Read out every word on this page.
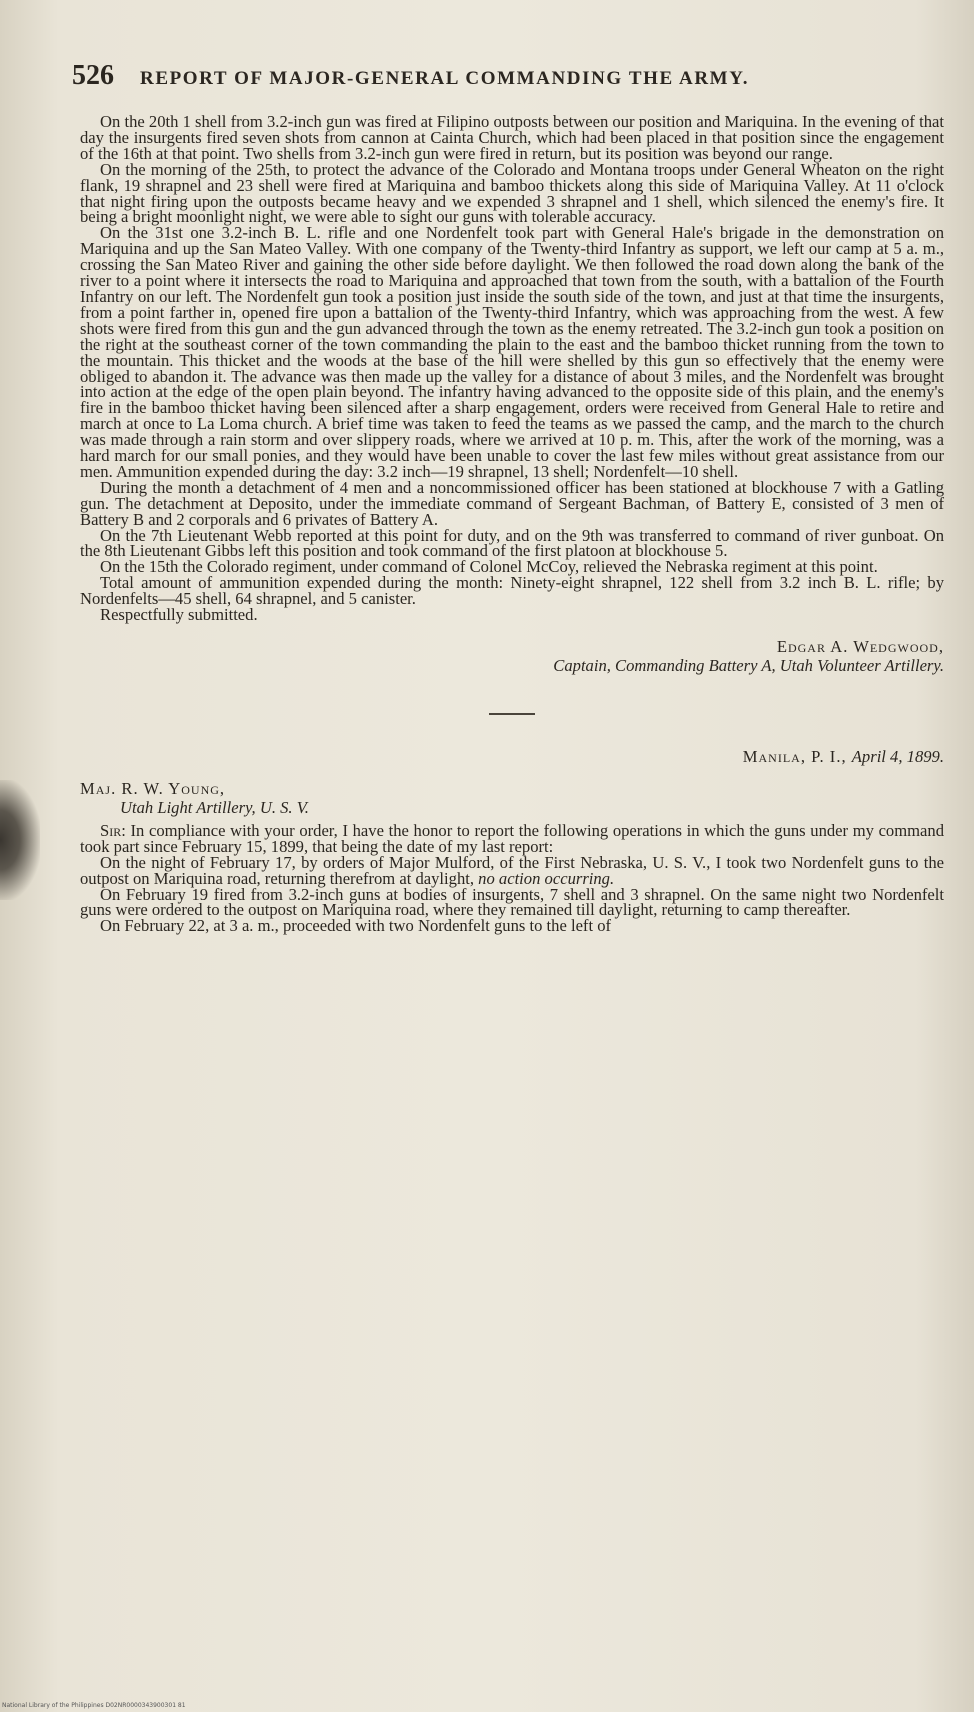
526 REPORT OF MAJOR-GENERAL COMMANDING THE ARMY.

On the 20th 1 shell from 3.2-inch gun was fired at Filipino outposts between our position and Mariquina. In the evening of that day the insurgents fired seven shots from cannon at Cainta Church, which had been placed in that position since the engagement of the 16th at that point. Two shells from 3.2-inch gun were fired in return, but its position was beyond our range.

On the morning of the 25th, to protect the advance of the Colorado and Montana troops under General Wheaton on the right flank, 19 shrapnel and 23 shell were fired at Mariquina and bamboo thickets along this side of Mariquina Valley. At 11 o'clock that night firing upon the outposts became heavy and we expended 3 shrapnel and 1 shell, which silenced the enemy's fire. It being a bright moonlight night, we were able to sight our guns with tolerable accuracy.

On the 31st one 3.2-inch B. L. rifle and one Nordenfelt took part with General Hale's brigade in the demonstration on Mariquina and up the San Mateo Valley. With one company of the Twenty-third Infantry as support, we left our camp at 5 a. m., crossing the San Mateo River and gaining the other side before daylight. We then followed the road down along the bank of the river to a point where it intersects the road to Mariquina and approached that town from the south, with a battalion of the Fourth Infantry on our left. The Nordenfelt gun took a position just inside the south side of the town, and just at that time the insurgents, from a point farther in, opened fire upon a battalion of the Twenty-third Infantry, which was approaching from the west. A few shots were fired from this gun and the gun advanced through the town as the enemy retreated. The 3.2-inch gun took a position on the right at the southeast corner of the town commanding the plain to the east and the bamboo thicket running from the town to the mountain. This thicket and the woods at the base of the hill were shelled by this gun so effectively that the enemy were obliged to abandon it. The advance was then made up the valley for a distance of about 3 miles, and the Nordenfelt was brought into action at the edge of the open plain beyond. The infantry having advanced to the opposite side of this plain, and the enemy's fire in the bamboo thicket having been silenced after a sharp engagement, orders were received from General Hale to retire and march at once to La Loma church. A brief time was taken to feed the teams as we passed the camp, and the march to the church was made through a rain storm and over slippery roads, where we arrived at 10 p. m. This, after the work of the morning, was a hard march for our small ponies, and they would have been unable to cover the last few miles without great assistance from our men. Ammunition expended during the day: 3.2 inch—19 shrapnel, 13 shell; Nordenfelt—10 shell.

During the month a detachment of 4 men and a noncommissioned officer has been stationed at blockhouse 7 with a Gatling gun. The detachment at Deposito, under the immediate command of Sergeant Bachman, of Battery E, consisted of 3 men of Battery B and 2 corporals and 6 privates of Battery A.

On the 7th Lieutenant Webb reported at this point for duty, and on the 9th was transferred to command of river gunboat. On the 8th Lieutenant Gibbs left this position and took command of the first platoon at blockhouse 5.

On the 15th the Colorado regiment, under command of Colonel McCoy, relieved the Nebraska regiment at this point.

Total amount of ammunition expended during the month: Ninety-eight shrapnel, 122 shell from 3.2 inch B. L. rifle; by Nordenfelts—45 shell, 64 shrapnel, and 5 canister.

Respectfully submitted.

Edgar A. Wedgwood,
Captain, Commanding Battery A, Utah Volunteer Artillery.
Manila, P. I., April 4, 1899.
Maj. R. W. Young,
Utah Light Artillery, U. S. V.

Sir: In compliance with your order, I have the honor to report the following operations in which the guns under my command took part since February 15, 1899, that being the date of my last report:

On the night of February 17, by orders of Major Mulford, of the First Nebraska, U. S. V., I took two Nordenfelt guns to the outpost on Mariquina road, returning therefrom at daylight, no action occurring.

On February 19 fired from 3.2-inch guns at bodies of insurgents, 7 shell and 3 shrapnel. On the same night two Nordenfelt guns were ordered to the outpost on Mariquina road, where they remained till daylight, returning to camp thereafter.

On February 22, at 3 a. m., proceeded with two Nordenfelt guns to the left of

National Library of the Philippines D02NR0000343900301 81
